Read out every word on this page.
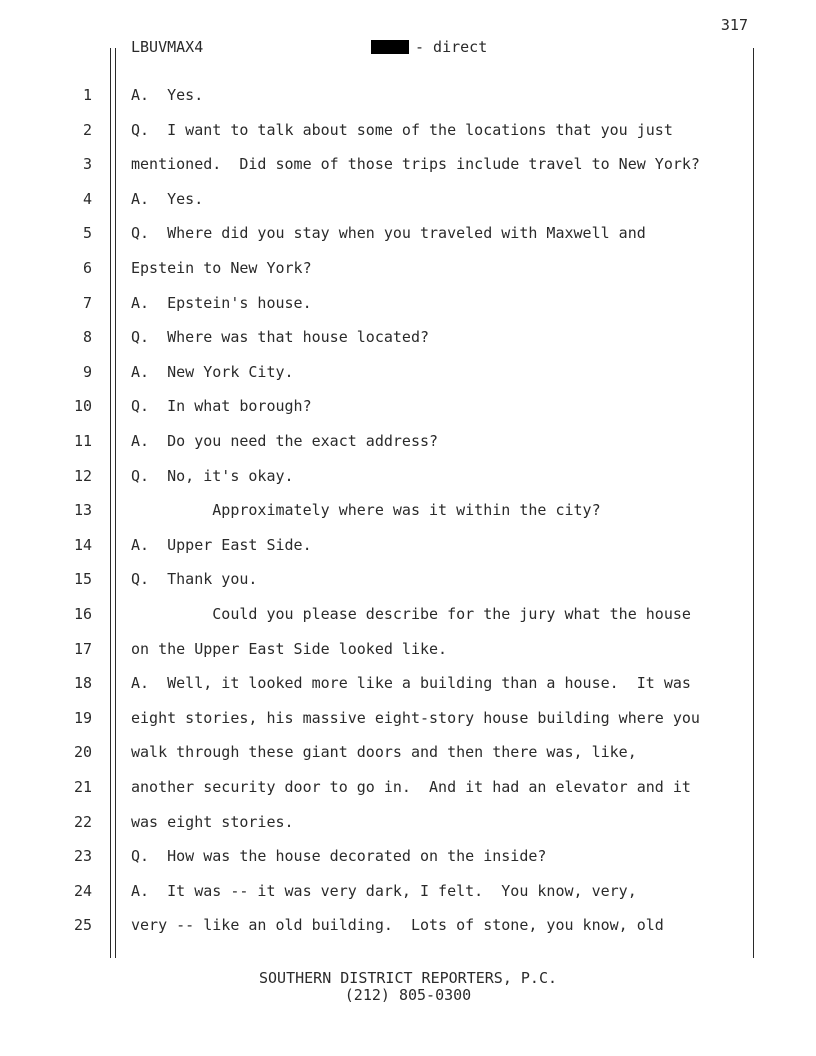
317
LBUVMAX4	- direct
1	A.  Yes.
2	Q.  I want to talk about some of the locations that you just
3	mentioned.  Did some of those trips include travel to New York?
4	A.  Yes.
5	Q.  Where did you stay when you traveled with Maxwell and
6	Epstein to New York?
7	A.  Epstein's house.
8	Q.  Where was that house located?
9	A.  New York City.
10	Q.  In what borough?
11	A.  Do you need the exact address?
12	Q.  No, it's okay.
13	Approximately where was it within the city?
14	A.  Upper East Side.
15	Q.  Thank you.
16	Could you please describe for the jury what the house
17	on the Upper East Side looked like.
18	A.  Well, it looked more like a building than a house.  It was
19	eight stories, his massive eight-story house building where you
20	walk through these giant doors and then there was, like,
21	another security door to go in.  And it had an elevator and it
22	was eight stories.
23	Q.  How was the house decorated on the inside?
24	A.  It was -- it was very dark, I felt.  You know, very,
25	very -- like an old building.  Lots of stone, you know, old
SOUTHERN DISTRICT REPORTERS, P.C.
(212) 805-0300
